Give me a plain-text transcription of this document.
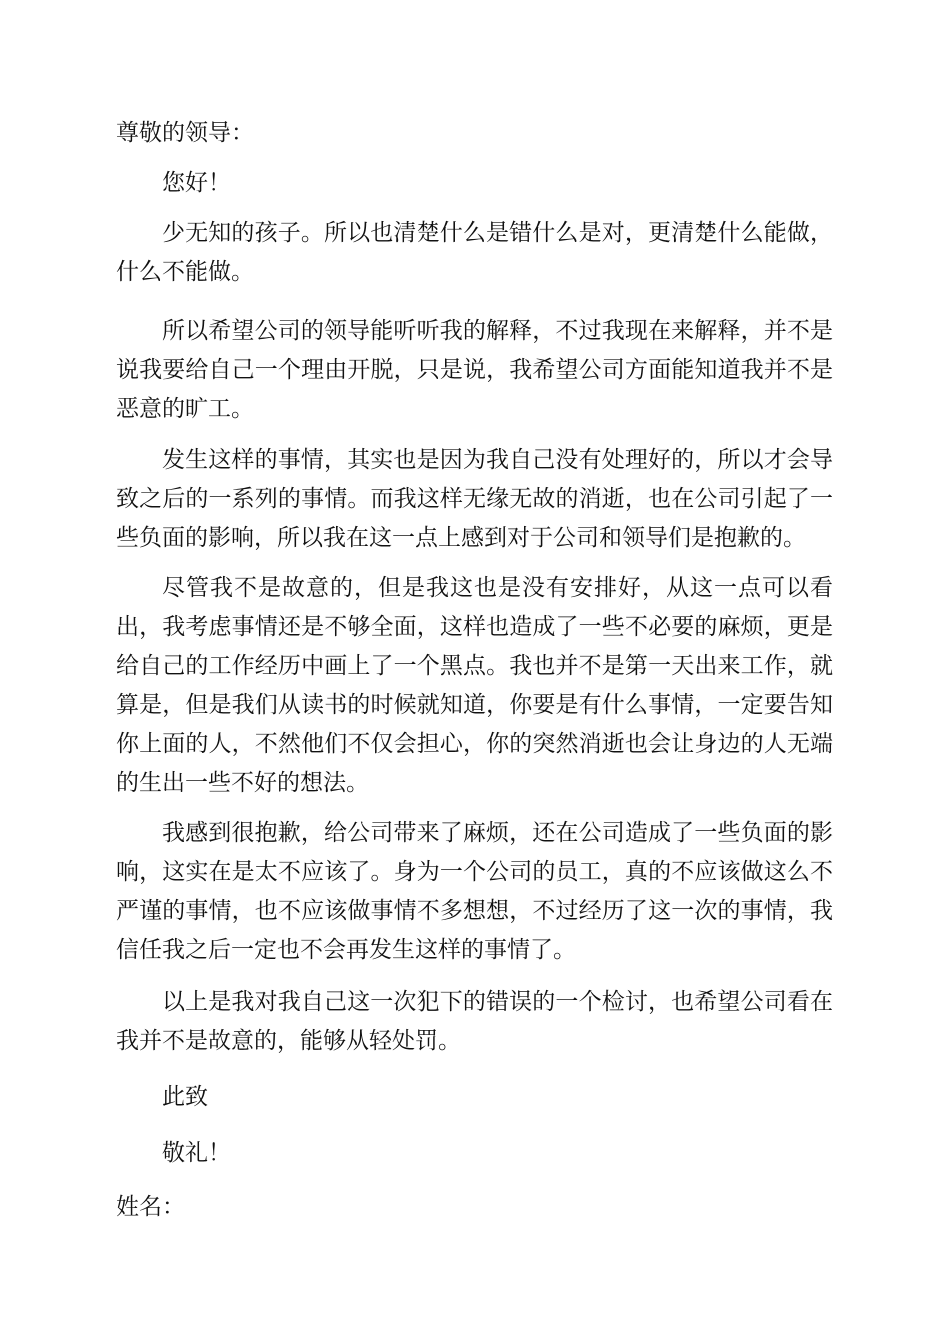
尊敬的领导：

您好！

少无知的孩子。所以也清楚什么是错什么是对，更清楚什么能做，什么不能做。

所以希望公司的领导能听听我的解释，不过我现在来解释，并不是说我要给自己一个理由开脱，只是说，我希望公司方面能知道我并不是恶意的旷工。

发生这样的事情，其实也是因为我自己没有处理好的，所以才会导致之后的一系列的事情。而我这样无缘无故的消逝，也在公司引起了一些负面的影响，所以我在这一点上感到对于公司和领导们是抱歉的。

尽管我不是故意的，但是我这也是没有安排好，从这一点可以看出，我考虑事情还是不够全面，这样也造成了一些不必要的麻烦，更是给自己的工作经历中画上了一个黑点。我也并不是第一天出来工作，就算是，但是我们从读书的时候就知道，你要是有什么事情，一定要告知你上面的人，不然他们不仅会担心，你的突然消逝也会让身边的人无端的生出一些不好的想法。

我感到很抱歉，给公司带来了麻烦，还在公司造成了一些负面的影响，这实在是太不应该了。身为一个公司的员工，真的不应该做这么不严谨的事情，也不应该做事情不多想想，不过经历了这一次的事情，我信任我之后一定也不会再发生这样的事情了。

以上是我对我自己这一次犯下的错误的一个检讨，也希望公司看在我并不是故意的，能够从轻处罚。

此致

敬礼！

姓名：
